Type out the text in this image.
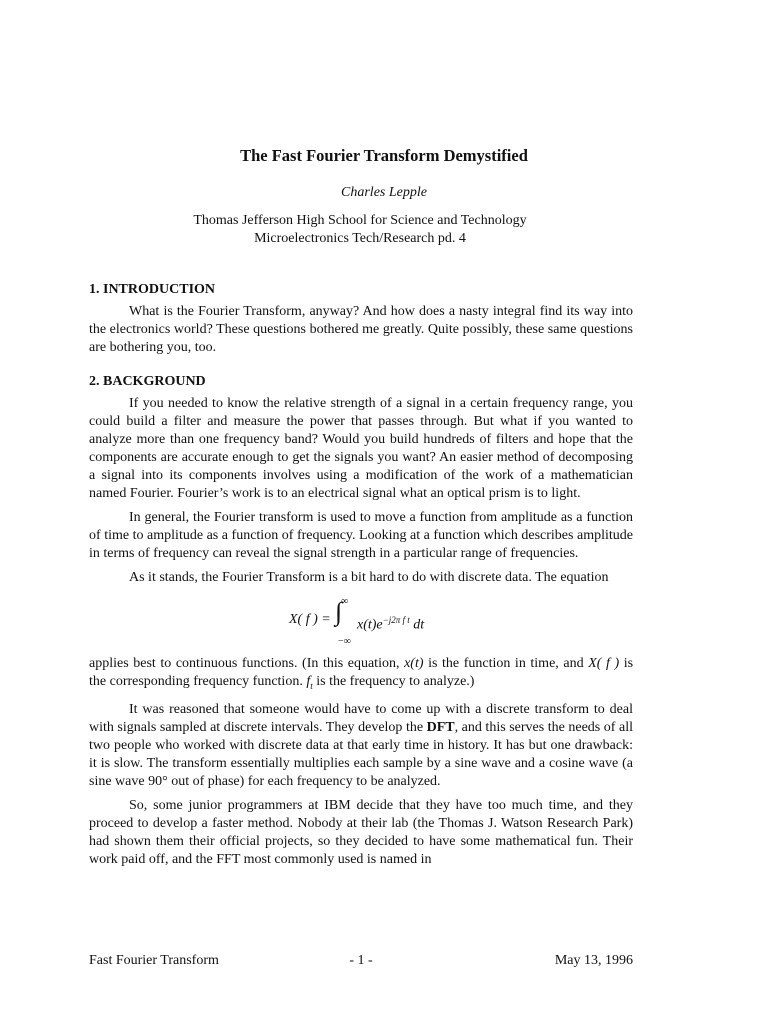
The Fast Fourier Transform Demystified
Charles Lepple
Thomas Jefferson High School for Science and Technology
Microelectronics Tech/Research pd. 4
1. INTRODUCTION

What is the Fourier Transform, anyway? And how does a nasty integral find its way into the electronics world? These questions bothered me greatly. Quite possibly, these same questions are bothering you, too.

2. BACKGROUND

If you needed to know the relative strength of a signal in a certain frequency range, you could build a filter and measure the power that passes through. But what if you wanted to analyze more than one frequency band? Would you build hundreds of filters and hope that the components are accurate enough to get the signals you want? An easier method of decomposing a signal into its components involves using a modification of the work of a mathematician named Fourier. Fourier’s work is to an electrical signal what an optical prism is to light.

In general, the Fourier transform is used to move a function from amplitude as a function of time to amplitude as a function of frequency. Looking at a function which describes amplitude in terms of frequency can reveal the signal strength in a particular range of frequencies.

As it stands, the Fourier Transform is a bit hard to do with discrete data. The equation

X( f ) =
∞
∫
−∞
$x(t)e^{-j2\pi f t}$ dt

applies best to continuous functions. (In this equation, x(t) is the function in time, and X( f ) is the corresponding frequency function. $f_t$ is the frequency to analyze.)

It was reasoned that someone would have to come up with a discrete transform to deal with signals sampled at discrete intervals. They develop the DFT, and this serves the needs of all two people who worked with discrete data at that early time in history. It has but one drawback: it is slow. The transform essentially multiplies each sample by a sine wave and a cosine wave (a sine wave 90° out of phase) for each frequency to be analyzed.

So, some junior programmers at IBM decide that they have too much time, and they proceed to develop a faster method. Nobody at their lab (the Thomas J. Watson Research Park) had shown them their official projects, so they decided to have some mathematical fun. Their work paid off, and the FFT most commonly used is named in

Fast Fourier Transform	- 1 -	May 13, 1996
